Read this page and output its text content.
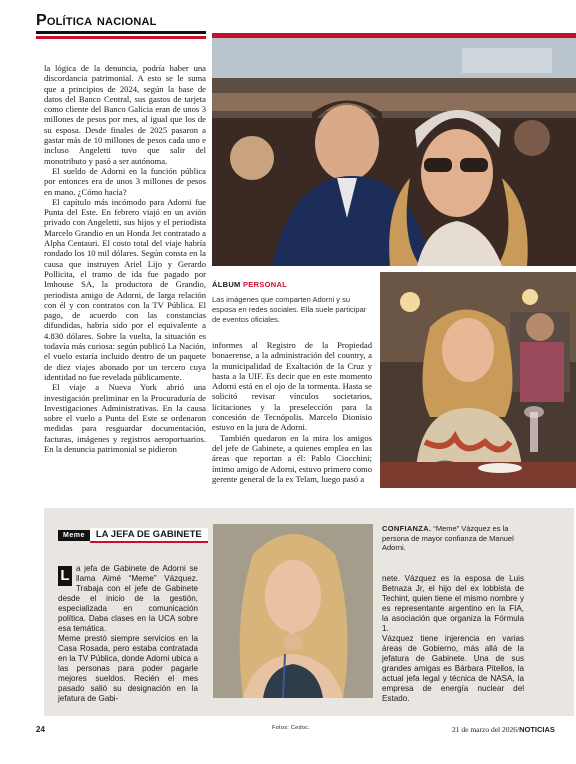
Política nacional

la lógica de la denuncia, podría haber una discordancia patrimonial. A esto se le suma que a principios de 2024, según la base de datos del Banco Central, sus gastos de tarjeta como cliente del Banco Galicia eran de unos 3 millones de pesos por mes, al igual que los de su esposa. Desde finales de 2025 pasaron a gastar más de 10 millones de pesos cada uno e incluso Angeletti tuvo que salir del monotributo y pasó a ser autónoma.

El sueldo de Adorni en la función pública por entonces era de unos 3 millones de pesos en mano. ¿Cómo hacía?

El capítulo más incómodo para Adorni fue Punta del Este. En febrero viajó en un avión privado con Angeletti, sus hijos y el periodista Marcelo Grandio en un Honda Jet contratado a Alpha Centauri. El costo total del viaje habría rondado los 10 mil dólares. Según consta en la causa que instruyen Ariel Lijo y Gerardo Pollicita, el tramo de ida fue pagado por Imhouse SA, la productora de Grandio, periodista amigo de Adorni, de larga relación con él y con contratos con la TV Pública. El pago, de acuerdo con las constancias difundidas, habría sido por el equivalente a 4.830 dólares. Sobre la vuelta, la situación es todavía más curiosa: según publicó La Nación, el vuelo estaría incluido dentro de un paquete de diez viajes abonado por un tercero cuya identidad no fue revelada públicamente.

El viaje a Nueva York abrió una investigación preliminar en la Procuraduría de Investigaciones Administrativas. En la causa sobre el vuelo a Punta del Este se ordenaron medidas para resguardar documentación, facturas, imágenes y registros aeroportuarios. En la denuncia patrimonial se pidieron

ÁLBUM PERSONAL
Las imágenes que comparten Adorni y su esposa en redes sociales. Ella suele participar de eventos oficiales.

informes al Registro de la Propiedad bonaerense, a la administración del country, a la municipalidad de Exaltación de la Cruz y hasta a la UIF. Es decir que en este momento Adorni está en el ojo de la tormenta. Hasta se solicitó revisar vínculos societarios, licitaciones y la preselección para la concesión de Tecnópolis. Marcelo Dionisio estuvo en la jura de Adorni.

También quedaron en la mira los amigos del jefe de Gabinete, a quienes emplea en las áreas que reportan a él: Pablo Ciocchini; íntimo amigo de Adorni, estuvo primero como gerente general de la ex Telam, luego pasó a

Meme	LA JEFA DE GABINETE

L a jefa de Gabinete de Adorni se llama Aimé “Meme” Vázquez. Trabaja con el jefe de Gabinete desde el inicio de la gestión, especializada en comunicación política. Daba clases en la UCA sobre esa temática.

Meme prestó siempre servicios en la Casa Rosada, pero estaba contratada en la TV Pública, donde Adorni ubica a las personas para poder pagarle mejores sueldos. Recién el mes pasado salió su designación en la jefatura de Gabi-

CONFIANZA. “Meme” Vázquez es la persona de mayor confianza de Manuel Adorni.

nete. Vázquez es la esposa de Luis Betnaza Jr, el hijo del ex lobbista de Techint, quien tiene el mismo nombre y es representante argentino en la FIA, la asociación que organiza la Fórmula 1.

Vázquez tiene injerencia en varias áreas de Gobierno, más allá de la jefatura de Gabinete. Una de sus grandes amigas es Bárbara Pitellos, la actual jefa legal y técnica de NASA, la empresa de energía nuclear del Estado.

24	Fotos: Cedoc.	21 de marzo del 2026/NOTICIAS
